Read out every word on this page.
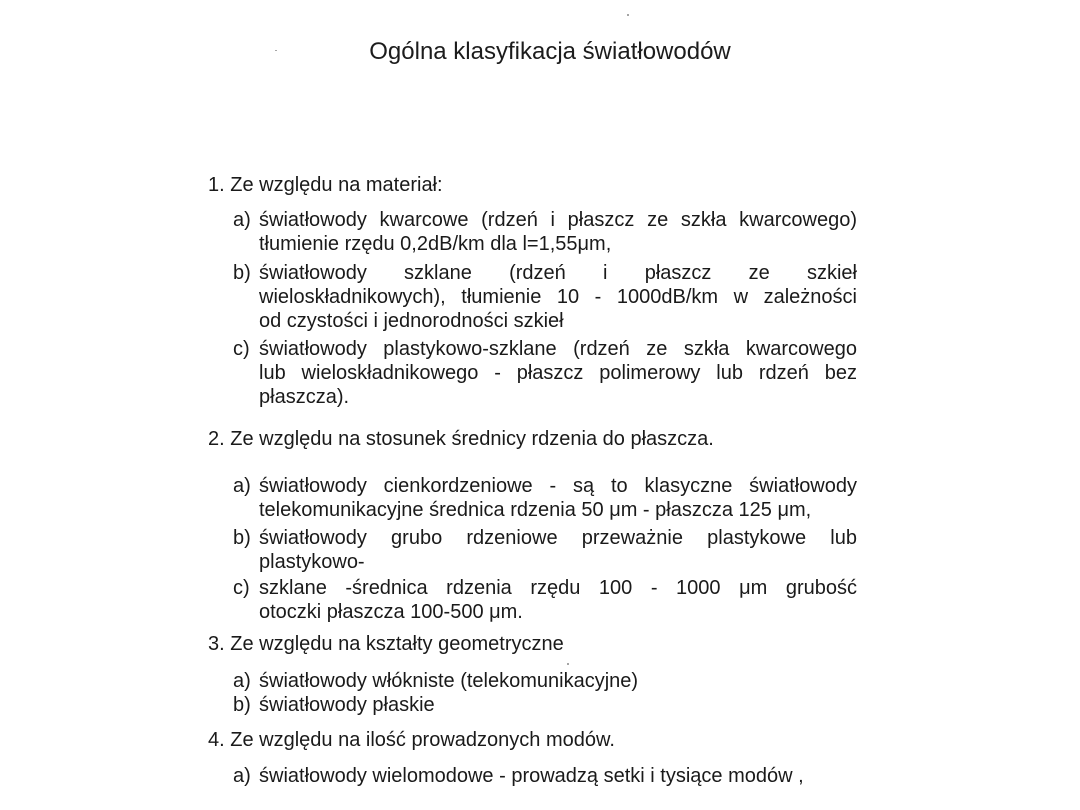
Ogólna klasyfikacja światłowodów
1. Ze względu na materiał:
a) światłowody kwarcowe (rdzeń i płaszcz ze szkła kwarcowego)
tłumienie rzędu 0,2dB/km dla l=1,55μm,
b) światłowody szklane (rdzeń i płaszcz ze szkieł
wieloskładnikowych), tłumienie 10 - 1000dB/km w zależności
od czystości i jednorodności szkieł
c) światłowody plastykowo-szklane (rdzeń ze szkła kwarcowego
lub wieloskładnikowego - płaszcz polimerowy lub rdzeń bez
płaszcza).
2. Ze względu na stosunek średnicy rdzenia do płaszcza.
a) światłowody cienkordzeniowe - są to klasyczne światłowody
telekomunikacyjne średnica rdzenia 50 μm - płaszcza 125 μm,
b) światłowody grubo rdzeniowe przeważnie plastykowe lub
plastykowo-
c) szklane -średnica rdzenia rzędu 100 - 1000 μm grubość
otoczki płaszcza 100-500 μm.
3. Ze względu na kształty geometryczne
a) światłowody włókniste (telekomunikacyjne)
b) światłowody płaskie
4. Ze względu na ilość prowadzonych modów.
a) światłowody wielomodowe - prowadzą setki i tysiące modów ,
